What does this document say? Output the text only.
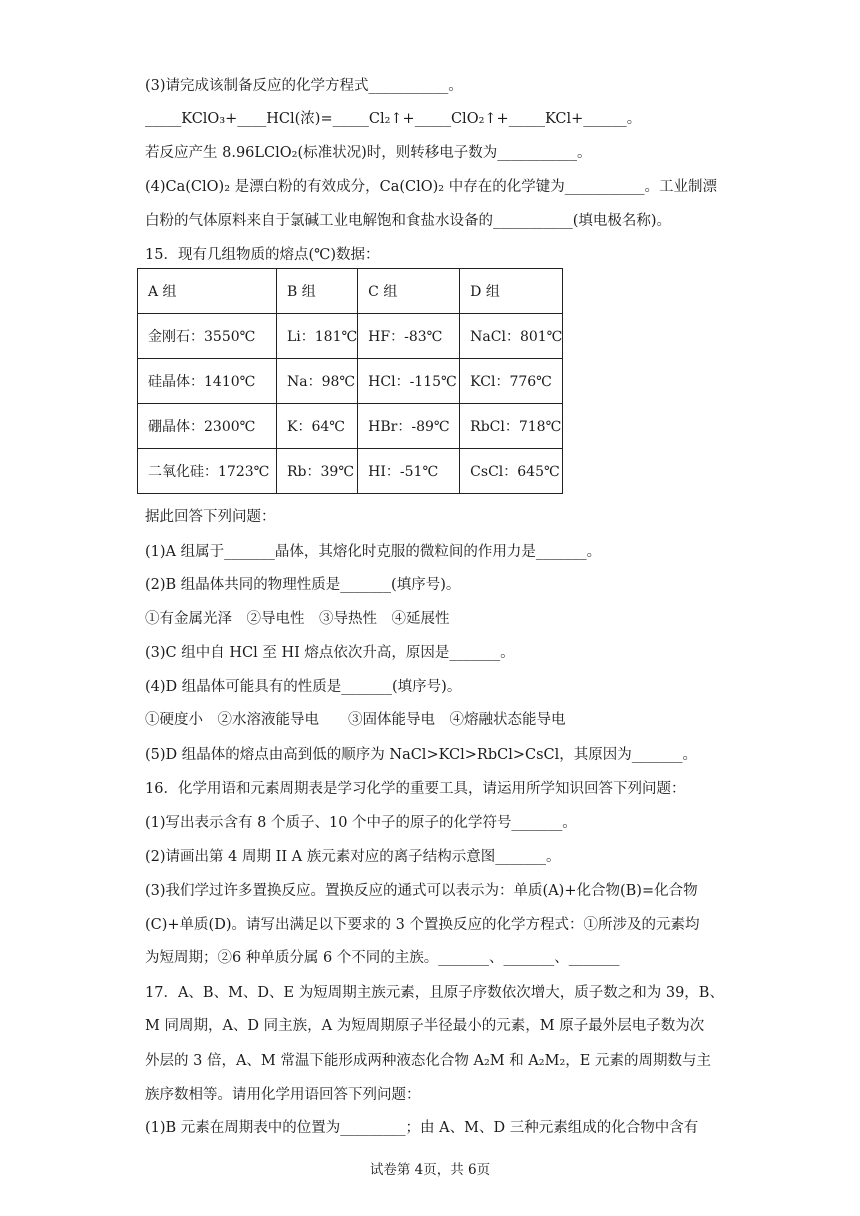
(3)请完成该制备反应的化学方程式___________。
_____KClO₃+____HCl(浓)=_____Cl₂↑+_____ClO₂↑+_____KCl+______。
若反应产生 8.96LClO₂(标准状况)时，则转移电子数为___________。
(4)Ca(ClO)₂ 是漂白粉的有效成分，Ca(ClO)₂ 中存在的化学键为___________。工业制漂
白粉的气体原料来自于氯碱工业电解饱和食盐水设备的___________(填电极名称)。
15．现有几组物质的熔点(℃)数据：
A 组	B 组	C 组	D 组
金刚石：3550℃	Li：181℃	HF：-83℃	NaCl：801℃
硅晶体：1410℃	Na：98℃	HCl：-115℃	KCl：776℃
硼晶体：2300℃	K：64℃	HBr：-89℃	RbCl：718℃
二氧化硅：1723℃	Rb：39℃	HI：-51℃	CsCl：645℃
据此回答下列问题：
(1)A 组属于_______晶体，其熔化时克服的微粒间的作用力是_______。
(2)B 组晶体共同的物理性质是_______(填序号)。
①有金属光泽　②导电性　③导热性　④延展性
(3)C 组中自 HCl 至 HI 熔点依次升高，原因是_______。
(4)D 组晶体可能具有的性质是_______(填序号)。
①硬度小　②水溶液能导电　　③固体能导电　④熔融状态能导电
(5)D 组晶体的熔点由高到低的顺序为 NaCl>KCl>RbCl>CsCl，其原因为_______。
16．化学用语和元素周期表是学习化学的重要工具，请运用所学知识回答下列问题：
(1)写出表示含有 8 个质子、10 个中子的原子的化学符号_______。
(2)请画出第 4 周期 II A 族元素对应的离子结构示意图_______。
(3)我们学过许多置换反应。置换反应的通式可以表示为：单质(A)+化合物(B)=化合物
(C)+单质(D)。请写出满足以下要求的 3 个置换反应的化学方程式：①所涉及的元素均
为短周期；②6 种单质分属 6 个不同的主族。_______、_______、_______
17．A、B、M、D、E 为短周期主族元素，且原子序数依次增大，质子数之和为 39，B、
M 同周期，A、D 同主族，A 为短周期原子半径最小的元素，M 原子最外层电子数为次
外层的 3 倍，A、M 常温下能形成两种液态化合物 A₂M 和 A₂M₂，E 元素的周期数与主
族序数相等。请用化学用语回答下列问题：
(1)B 元素在周期表中的位置为_________；由 A、M、D 三种元素组成的化合物中含有
试卷第 4页，共 6页
